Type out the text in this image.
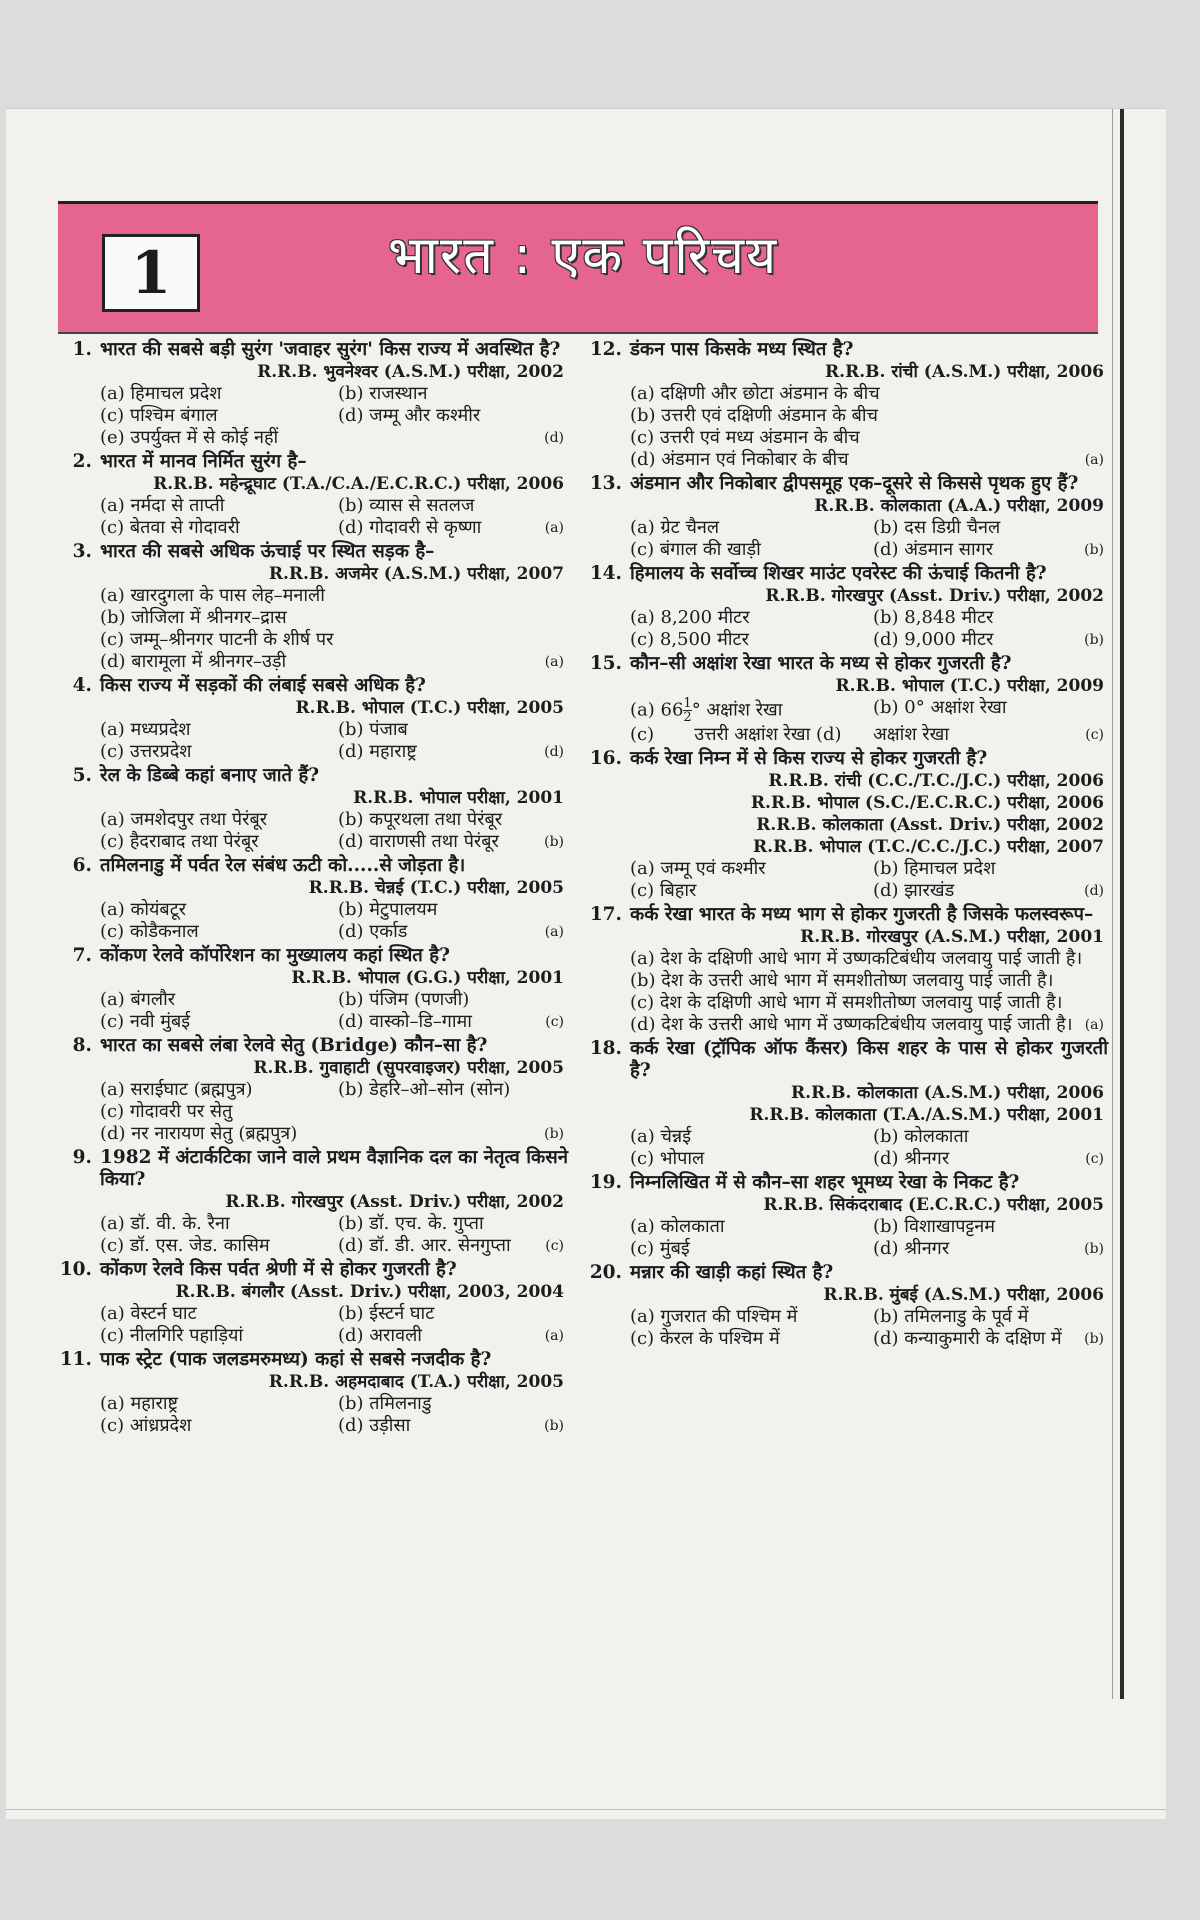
1	भारत : एक परिचय
1. भारत की सबसे बड़ी सुरंग 'जवाहर सुरंग' किस राज्य में अवस्थित है?
R.R.B. भुवनेश्वर (A.S.M.) परीक्षा, 2002
(a) हिमाचल प्रदेश	(b) राजस्थान
(c) पश्चिम बंगाल	(d) जम्मू और कश्मीर
(e) उपर्युक्त में से कोई नहीं	(d)
2. भारत में मानव निर्मित सुरंग है–
R.R.B. महेन्द्रूघाट (T.A./C.A./E.C.R.C.) परीक्षा, 2006
(a) नर्मदा से ताप्ती	(b) व्यास से सतलज
(c) बेतवा से गोदावरी	(d) गोदावरी से कृष्णा	(a)
3. भारत की सबसे अधिक ऊंचाई पर स्थित सड़क है–
R.R.B. अजमेर (A.S.M.) परीक्षा, 2007
(a) खारदुगला के पास लेह–मनाली
(b) जोजिला में श्रीनगर–द्रास
(c) जम्मू–श्रीनगर पाटनी के शीर्ष पर
(d) बारामूला में श्रीनगर–उड़ी	(a)
4. किस राज्य में सड़कों की लंबाई सबसे अधिक है?
R.R.B. भोपाल (T.C.) परीक्षा, 2005
(a) मध्यप्रदेश	(b) पंजाब
(c) उत्तरप्रदेश	(d) महाराष्ट्र	(d)
5. रेल के डिब्बे कहां बनाए जाते हैं?
R.R.B. भोपाल परीक्षा, 2001
(a) जमशेदपुर तथा पेरंबूर	(b) कपूरथला तथा पेरंबूर
(c) हैदराबाद तथा पेरंबूर	(d) वाराणसी तथा पेरंबूर	(b)
6. तमिलनाडु में पर्वत रेल संबंध ऊटी को.....से जोड़ता है।
R.R.B. चेन्नई (T.C.) परीक्षा, 2005
(a) कोयंबटूर	(b) मेटुपालयम
(c) कोडैकनाल	(d) एर्काड	(a)
7. कोंकण रेलवे कॉर्पोरेशन का मुख्यालय कहां स्थित है?
R.R.B. भोपाल (G.G.) परीक्षा, 2001
(a) बंगलौर	(b) पंजिम (पणजी)
(c) नवी मुंबई	(d) वास्को–डि–गामा	(c)
8. भारत का सबसे लंबा रेलवे सेतु (Bridge) कौन–सा है?
R.R.B. गुवाहाटी (सुपरवाइजर) परीक्षा, 2005
(a) सराईघाट (ब्रह्मपुत्र)	(b) डेहरि–ओ–सोन (सोन)
(c) गोदावरी पर सेतु
(d) नर नारायण सेतु (ब्रह्मपुत्र)	(b)
9. 1982 में अंटार्कटिका जाने वाले प्रथम वैज्ञानिक दल का नेतृत्व किसने किया?
R.R.B. गोरखपुर (Asst. Driv.) परीक्षा, 2002
(a) डॉ. वी. के. रैना	(b) डॉ. एच. के. गुप्ता
(c) डॉ. एस. जेड. कासिम	(d) डॉ. डी. आर. सेनगुप्ता	(c)
10. कोंकण रेलवे किस पर्वत श्रेणी में से होकर गुजरती है?
R.R.B. बंगलौर (Asst. Driv.) परीक्षा, 2003, 2004
(a) वेस्टर्न घाट	(b) ईस्टर्न घाट
(c) नीलगिरि पहाड़ियां	(d) अरावली	(a)
11. पाक स्ट्रेट (पाक जलडमरुमध्य) कहां से सबसे नजदीक है?
R.R.B. अहमदाबाद (T.A.) परीक्षा, 2005
(a) महाराष्ट्र	(b) तमिलनाडु
(c) आंध्रप्रदेश	(d) उड़ीसा	(b)
12. डंकन पास किसके मध्य स्थित है?
R.R.B. रांची (A.S.M.) परीक्षा, 2006
(a) दक्षिणी और छोटा अंडमान के बीच
(b) उत्तरी एवं दक्षिणी अंडमान के बीच
(c) उत्तरी एवं मध्य अंडमान के बीच
(d) अंडमान एवं निकोबार के बीच	(a)
13. अंडमान और निकोबार द्वीपसमूह एक–दूसरे से किससे पृथक हुए हैं?
R.R.B. कोलकाता (A.A.) परीक्षा, 2009
(a) ग्रेट चैनल	(b) दस डिग्री चैनल
(c) बंगाल की खाड़ी	(d) अंडमान सागर	(b)
14. हिमालय के सर्वोच्च शिखर माउंट एवरेस्ट की ऊंचाई कितनी है?
R.R.B. गोरखपुर (Asst. Driv.) परीक्षा, 2002
(a) 8,200 मीटर	(b) 8,848 मीटर
(c) 8,500 मीटर	(d) 9,000 मीटर	(b)
15. कौन–सी अक्षांश रेखा भारत के मध्य से होकर गुजरती है?
R.R.B. भोपाल (T.C.) परीक्षा, 2009
(a) $66 \frac{1}{2}$ ° अक्षांश रेखा	(b) 0° अक्षांश रेखा
(c) उत्तरी अक्षांश रेखा (d)	अक्षांश रेखा	(c)
16. कर्क रेखा निम्न में से किस राज्य से होकर गुजरती है?
R.R.B. रांची (C.C./T.C./J.C.) परीक्षा, 2006
R.R.B. भोपाल (S.C./E.C.R.C.) परीक्षा, 2006
R.R.B. कोलकाता (Asst. Driv.) परीक्षा, 2002
R.R.B. भोपाल (T.C./C.C./J.C.) परीक्षा, 2007
(a) जम्मू एवं कश्मीर	(b) हिमाचल प्रदेश
(c) बिहार	(d) झारखंड	(d)
17. कर्क रेखा भारत के मध्य भाग से होकर गुजरती है जिसके फलस्वरूप–
R.R.B. गोरखपुर (A.S.M.) परीक्षा, 2001
(a) देश के दक्षिणी आधे भाग में उष्णकटिबंधीय जलवायु पाई जाती है।
(b) देश के उत्तरी आधे भाग में समशीतोष्ण जलवायु पाई जाती है।
(c) देश के दक्षिणी आधे भाग में समशीतोष्ण जलवायु पाई जाती है।
(d) देश के उत्तरी आधे भाग में उष्णकटिबंधीय जलवायु पाई जाती है। (a)
18. कर्क रेखा (ट्रॉपिक ऑफ कैंसर) किस शहर के पास से होकर गुजरती है?
R.R.B. कोलकाता (A.S.M.) परीक्षा, 2006
R.R.B. कोलकाता (T.A./A.S.M.) परीक्षा, 2001
(a) चेन्नई	(b) कोलकाता
(c) भोपाल	(d) श्रीनगर	(c)
19. निम्नलिखित में से कौन–सा शहर भूमध्य रेखा के निकट है?
R.R.B. सिकंदराबाद (E.C.R.C.) परीक्षा, 2005
(a) कोलकाता	(b) विशाखापट्टनम
(c) मुंबई	(d) श्रीनगर	(b)
20. मन्नार की खाड़ी कहां स्थित है?
R.R.B. मुंबई (A.S.M.) परीक्षा, 2006
(a) गुजरात की पश्चिम में	(b) तमिलनाडु के पूर्व में
(c) केरल के पश्चिम में	(d) कन्याकुमारी के दक्षिण में	(b)
